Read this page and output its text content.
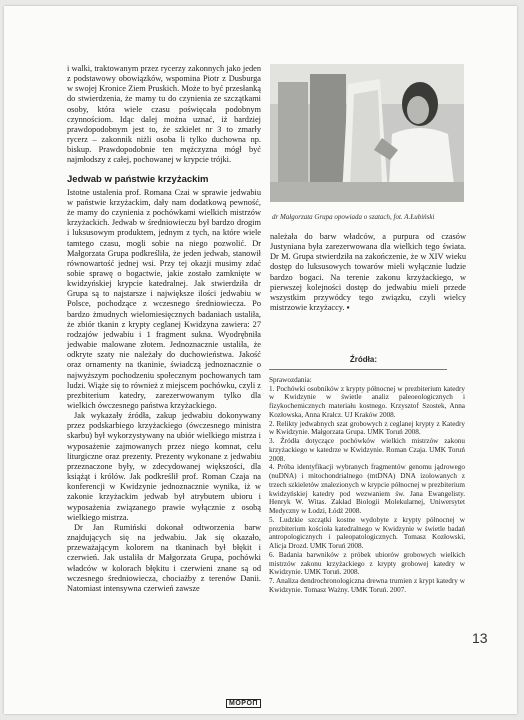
i walki, traktowanym przez rycerzy zakonnych jako jeden z podstawowy obowiązków, wspomina Piotr z Dusburga w swojej Kronice Ziem Pruskich. Może to być przesłanką do stwierdzenia, że mamy tu do czynienia ze szczątkami osoby, która wiele czasu poświęcała podobnym czynnościom. Idąc dalej można uznać, iż bardziej prawdopodobnym jest to, że szkielet nr 3 to zmarły rycerz – zakonnik niżli osoba li tylko duchowna np. biskup. Prawdopodobnie ten mężczyzna mógł być najmłodszy z całej, pochowanej w krypcie trójki.

Jedwab w państwie krzyżackim

Istotne ustalenia prof. Romana Czai w sprawie jedwabiu w państwie krzyżackim, dały nam dodatkową pewność, że mamy do czynienia z pochówkami wielkich mistrzów krzyżackich. Jedwab w średniowieczu był bardzo drogim i luksusowym produktem, jednym z tych, na które wiele tamtego czasu, mogli sobie na niego pozwolić. Dr Małgorzata Grupa podkreśliła, że jeden jedwab, stanowił równowartość jednej wsi. Przy tej okazji musimy zdać sobie sprawę o bogactwie, jakie zostało zamknięte w kwidzyńskiej krypcie katedralnej. Jak stwierdziła dr Grupa są to najstarsze i największe ilości jedwabiu w Polsce, pochodzące z wczesnego średniowiecza. Po bardzo żmudnych wielomiesięcznych badaniach ustaliła, że zbiór tkanin z krypty ceglanej Kwidzyna zawiera: 27 rodzajów jedwabiu i 1 fragment sukna. Wyodrębniła jedwabie malowane złotem. Jednoznacznie ustaliła, że odkryte szaty nie należały do duchowieństwa. Jakość oraz ornamenty na tkaninie, świadczą jednoznacznie o najwyższym pochodzeniu społecznym pochowanych tam ludzi. Wiąże się to również z miejscem pochówku, czyli z prezbiterium katedry, zarezerwowanym tylko dla wielkich ówczesnego państwa krzyżackiego.

Jak wykazały źródła, zakup jedwabiu dokonywany przez podskarbiego krzyżackiego (ówczesnego ministra skarbu) był wykorzystywany na ubiór wielkiego mistrza i wyposażenie zajmowanych przez niego komnat, celu liturgiczne oraz prezenty. Prezenty wykonane z jedwabiu przeznaczone były, w zdecydowanej większości, dla książąt i królów. Jak podkreślił prof. Roman Czaja na konferencji w Kwidzynie jednoznacznie wynika, iż w zakonie krzyżackim jedwab był atrybutem ubioru i wyposażenia związanego prawie wyłącznie z osobą wielkiego mistrza.

Dr Jan Rumiński dokonał odtworzenia barw znajdujących się na jedwabiu. Jak się okazało, przeważającym kolorem na tkaninach był błękit i czerwień. Jak ustaliła dr Małgorzata Grupa, pochówki władców w kolorach błękitu i czerwieni znane są od wczesnego średniowiecza, chociażby z terenów Danii. Natomiast intensywna czerwień zawsze

dr Małgorzata Grupa opowiada o szatach, fot. A.Łubiński

należała do barw władców, a purpura od czasów Justyniana była zarezerwowana dla wielkich tego świata. Dr M. Grupa stwierdziła na zakończenie, że w XIV wieku dostęp do luksusowych towarów mieli wyłącznie ludzie bardzo bogaci. Na terenie zakonu krzyżackiego, w pierwszej kolejności dostęp do jedwabiu mieli przede wszystkim przywódcy tego związku, czyli wielcy mistrzowie krzyżaccy. ▪

Źródła:

Sprawozdania:

1. Pochówki osobników z krypty północnej w prezbiterium katedry w Kwidzynie w świetle analiz paleoeologicznych i fizykochemicznych materiału kostnego. Krzysztof Szostek, Anna Kozłowska, Anna Krałcz. UJ Kraków 2008.

2. Relikty jedwabnych szat grobowych z ceglanej krypty z Katedry w Kwidzynie. Małgorzata Grupa. UMK Toruń 2008.

3. Źródła dotyczące pochówków wielkich mistrzów zakonu krzyżackiego w katedrze w Kwidzynie. Roman Czaja. UMK Toruń 2008.

4. Próba identyfikacji wybranych fragmentów genomu jądrowego (nuDNA) i mitochondrialnego (mtDNA) DNA izolowanych z trzech szkieletów znalezionych w krypcie północnej w prezbiterium kwidzyńskiej katedry pod wezwaniem św. Jana Ewangelisty. Henryk W. Witas. Zakład Biologii Molekularnej, Uniwersytet Medyczny w Łodzi, Łódź 2008.

5. Ludzkie szczątki kostne wydobyte z krypty północnej w prezbiterium kościoła katedralnego w Kwidzynie w świetle badań antropologicznych i paleopatologicznych. Tomasz Kozłowski, Alicja Drozd. UMK Toruń 2008.

6. Badania barwników z próbek ubiorów grobowych wielkich mistrzów zakonu krzyżackiego z krypty grobowej katedry w Kwidzynie. UMK Toruń. 2008.

7. Analiza dendrochronologiczna drewna trumien z krypt katedry w Kwidzynie. Tomasz Ważny. UMK Toruń. 2007.

13
ΜΟΡΟΠ
